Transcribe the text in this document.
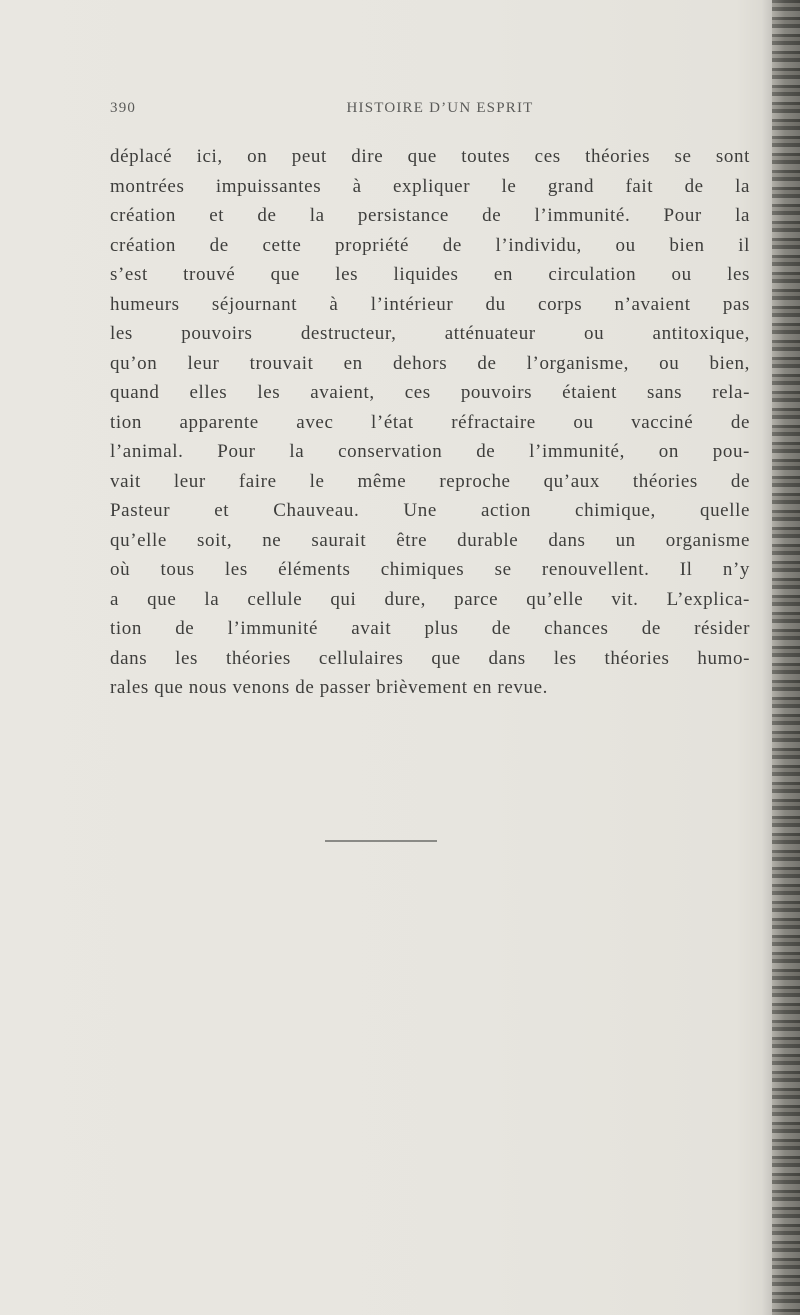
390	HISTOIRE D’UN ESPRIT
déplacé ici, on peut dire que toutes ces théories se sont
montrées impuissantes à expliquer le grand fait de la
création et de la persistance de l’immunité. Pour la
création de cette propriété de l’individu, ou bien il
s’est trouvé que les liquides en circulation ou les
humeurs séjournant à l’intérieur du corps n’avaient pas
les pouvoirs destructeur, atténuateur ou antitoxique,
qu’on leur trouvait en dehors de l’organisme, ou bien,
quand elles les avaient, ces pouvoirs étaient sans rela-
tion apparente avec l’état réfractaire ou vacciné de
l’animal. Pour la conservation de l’immunité, on pou-
vait leur faire le même reproche qu’aux théories de
Pasteur et Chauveau. Une action chimique, quelle
qu’elle soit, ne saurait être durable dans un organisme
où tous les éléments chimiques se renouvellent. Il n’y
a que la cellule qui dure, parce qu’elle vit. L’explica-
tion de l’immunité avait plus de chances de résider
dans les théories cellulaires que dans les théories humo-
rales que nous venons de passer brièvement en revue.
